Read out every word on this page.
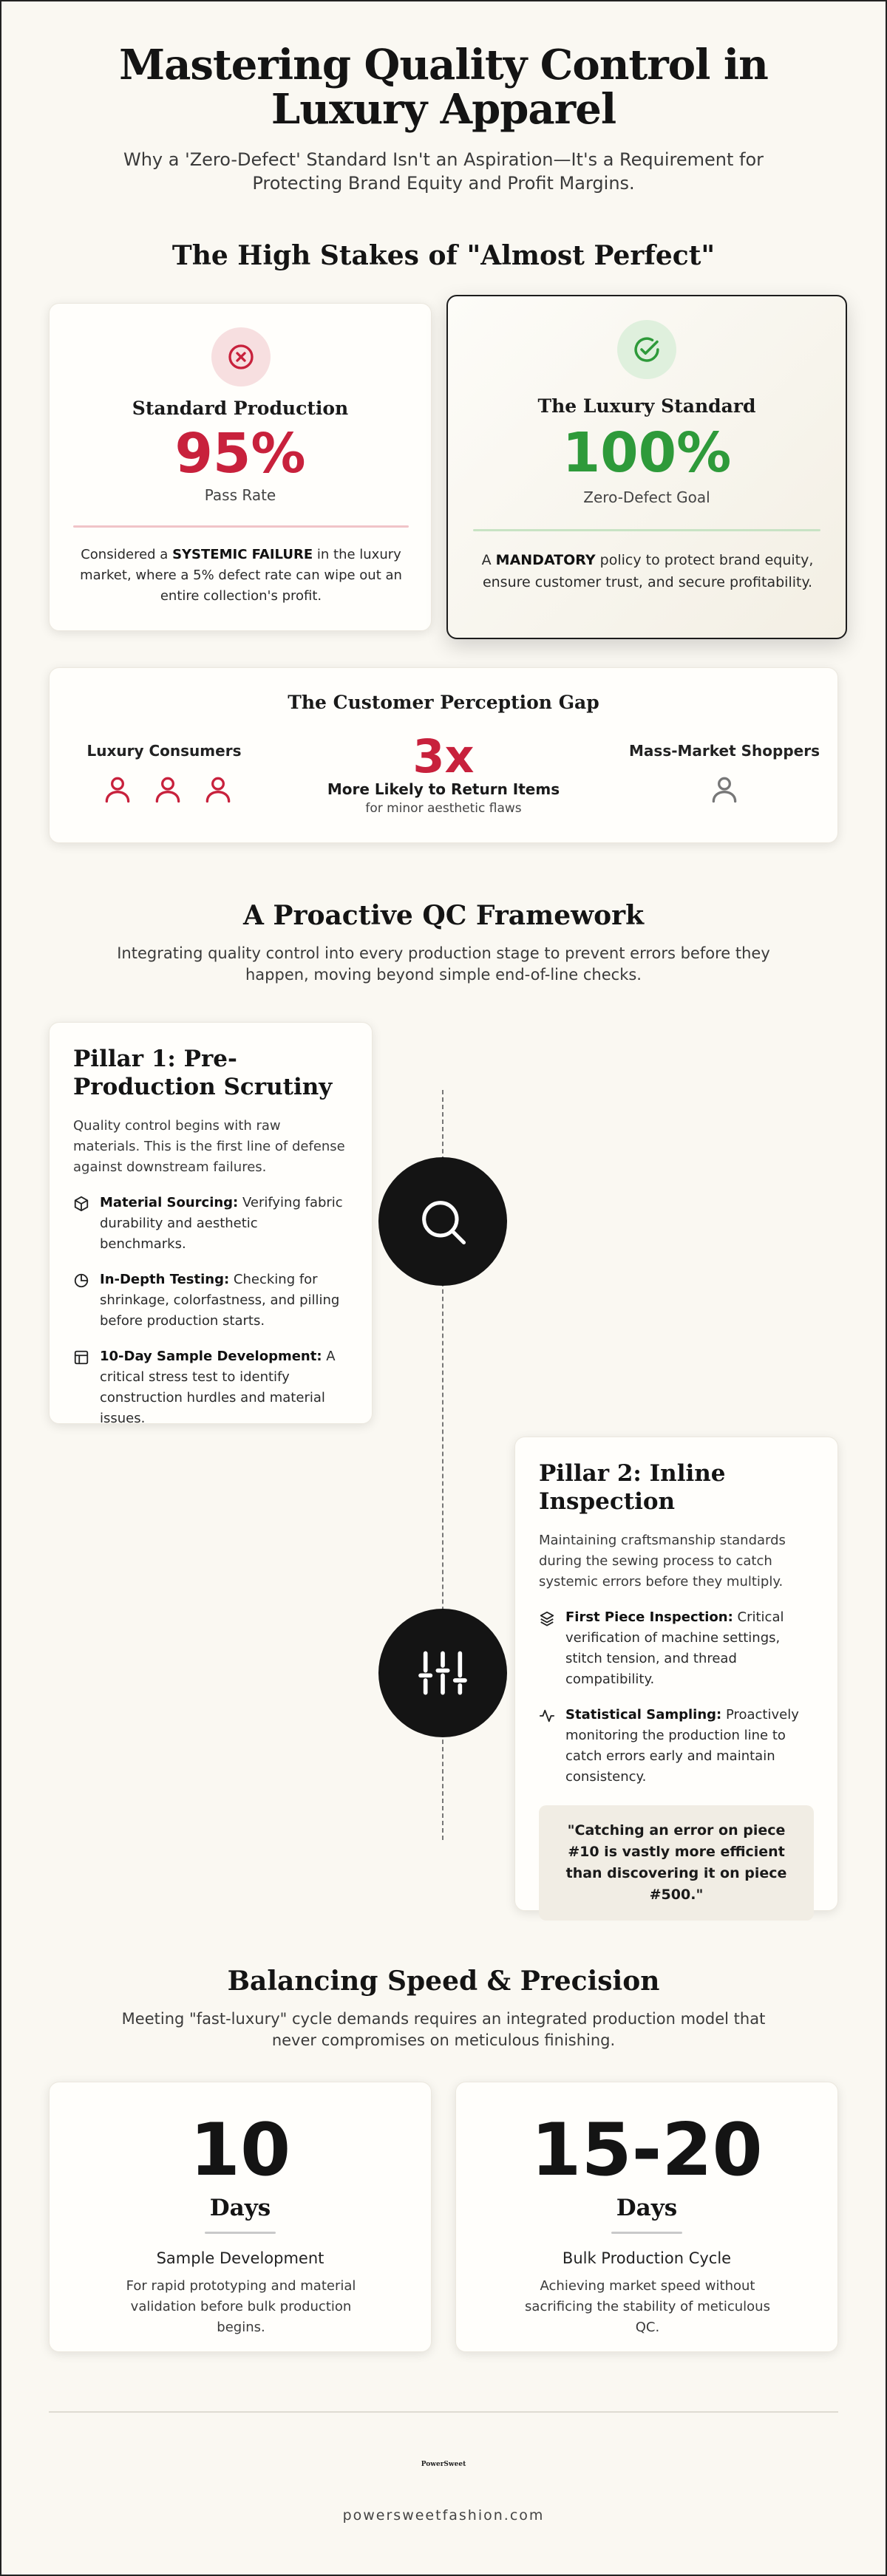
Mastering Quality Control in Luxury Apparel

Why a 'Zero-Defect' Standard Isn't an Aspiration—It's a Requirement for Protecting Brand Equity and Profit Margins.

The High Stakes of "Almost Perfect"
Standard Production
95%
Pass Rate

Considered a SYSTEMIC FAILURE in the luxury market, where a 5% defect rate can wipe out an entire collection's profit.

The Luxury Standard
100%
Zero-Defect Goal

A MANDATORY policy to protect brand equity, ensure customer trust, and secure profitability.

The Customer Perception Gap
Luxury Consumers	3x
More Likely to Return Items
for minor aesthetic flaws
Mass-Market Shoppers
A Proactive QC Framework

Integrating quality control into every production stage to prevent errors before they happen, moving beyond simple end-of-line checks.

Pillar 1: Pre-Production Scrutiny

Quality control begins with raw materials. This is the first line of defense against downstream failures.

Material Sourcing: Verifying fabric durability and aesthetic benchmarks.
In-Depth Testing: Checking for shrinkage, colorfastness, and pilling before production starts.
10-Day Sample Development: A critical stress test to identify construction hurdles and material issues.
Pillar 2: Inline Inspection

Maintaining craftsmanship standards during the sewing process to catch systemic errors before they multiply.

First Piece Inspection: Critical verification of machine settings, stitch tension, and thread compatibility.
Statistical Sampling: Proactively monitoring the production line to catch errors early and maintain consistency.
"Catching an error on piece #10 is vastly more efficient than discovering it on piece #500."
Balancing Speed & Precision

Meeting "fast-luxury" cycle demands requires an integrated production model that never compromises on meticulous finishing.

10
Days
Sample Development

For rapid prototyping and material validation before bulk production begins.

15-20
Days
Bulk Production Cycle

Achieving market speed without sacrificing the stability of meticulous QC.

PowerSweet
powersweetfashion.com
